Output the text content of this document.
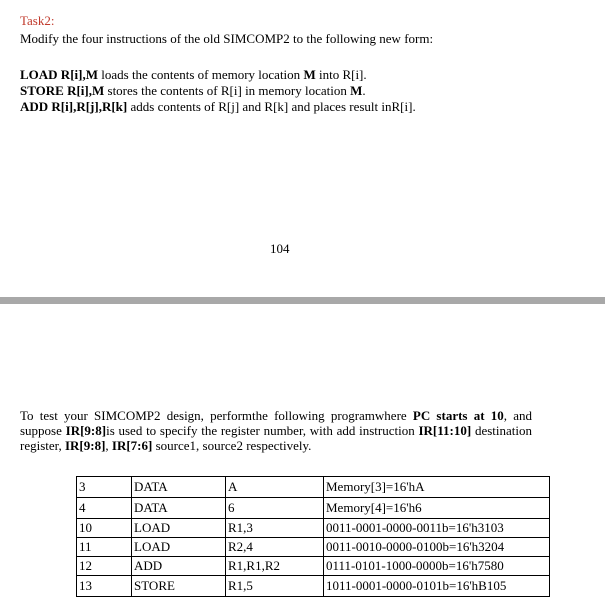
Task2:
Modify the four instructions of the old SIMCOMP2 to the following new form:
LOAD R[i],M loads the contents of memory location M into R[i].
STORE R[i],M stores the contents of R[i] in memory location M.
ADD R[i],R[j],R[k] adds contents of R[j] and R[k] and places result inR[i].
104
To test your SIMCOMP2 design, performthe following programwhere PC starts at 10, and suppose IR[9:8]is used to specify the register number, with add instruction IR[11:10] destination register, IR[9:8], IR[7:6] source1, source2 respectively.
3	DATA	A	Memory[3]=16'hA
4	DATA	6	Memory[4]=16'h6
10	LOAD	R1,3	0011-0001-0000-0011b=16'h3103
11	LOAD	R2,4	0011-0010-0000-0100b=16'h3204
12	ADD	R1,R1,R2	0111-0101-1000-0000b=16'h7580
13	STORE	R1,5	1011-0001-0000-0101b=16'hB105
